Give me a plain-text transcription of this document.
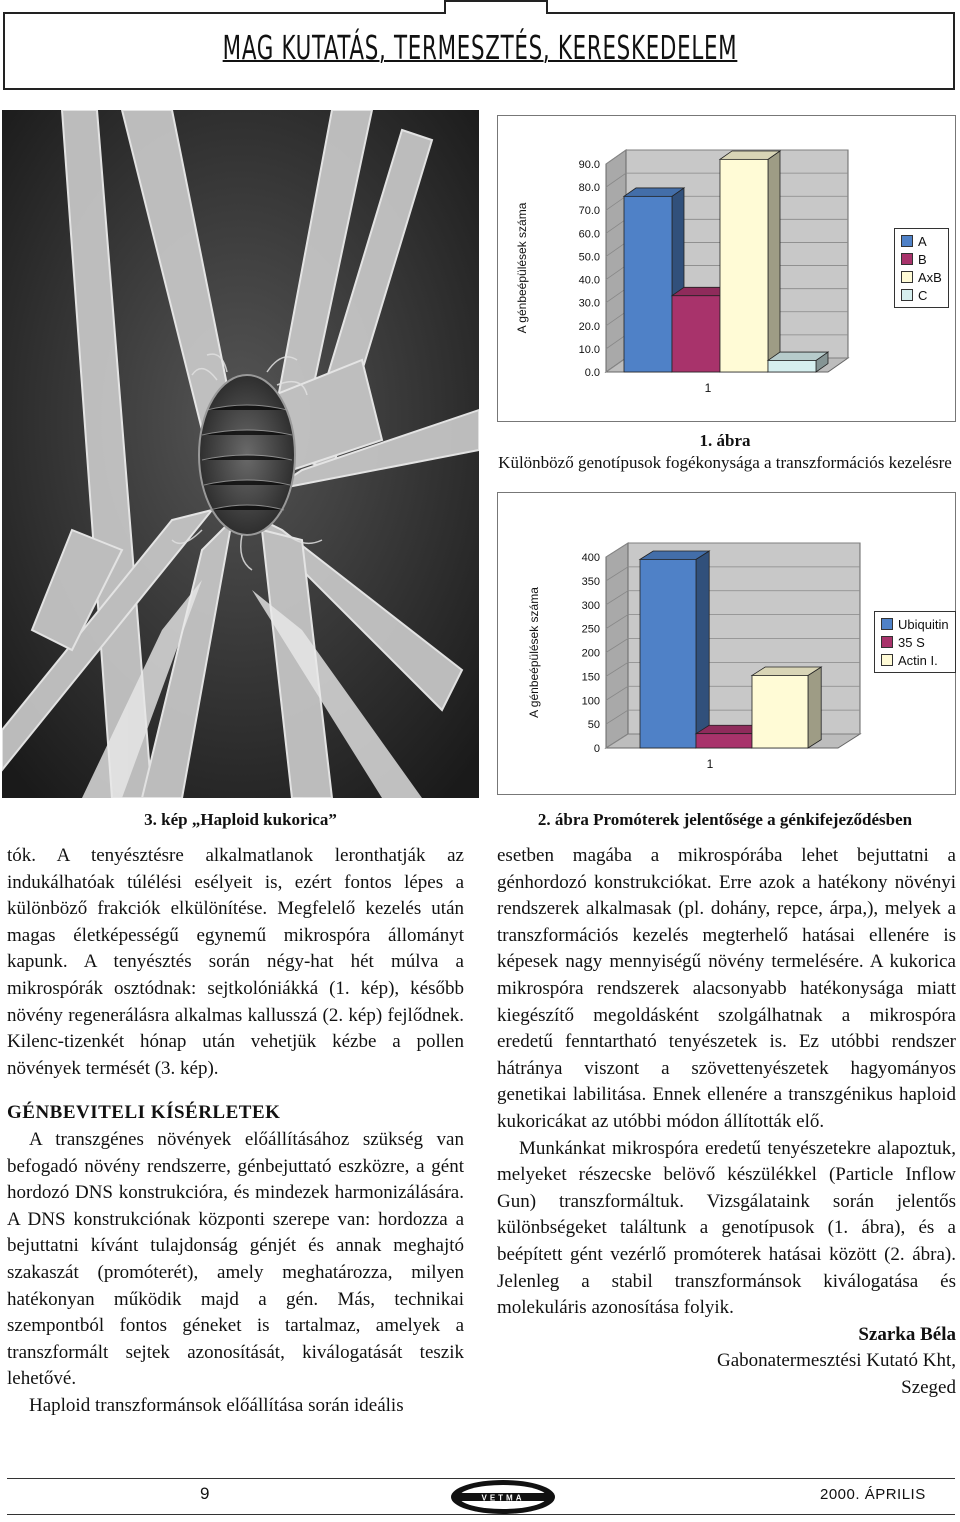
MAG KUTATÁS, TERMESZTÉS, KERESKEDELEM
3. kép „Haploid kukorica”
90.0
80.0
70.0
60.0
50.0
40.0
30.0
20.0
10.0
0.0
A génbeépülések száma
1
A
B
AxB
C
1. ábra
Különböző genotípusok fogékonysága a transzformációs kezelésre
400
350
300
250
200
150
100
50
0
A génbeépülések száma
1
Ubiquitin
35 S
Actin I.
2. ábra Promóterek jelentősége a génkifejeződésben

tók. A tenyésztésre alkalmatlanok leronthatják az indukálhatóak túlélési esélyeit is, ezért fontos lépes a különböző frakciók elkülönítése. Megfelelő kezelés után magas életképességű egynemű mikrospóra állományt kapunk. A tenyésztés során négy-hat hét múlva a mikrospórák osztódnak: sejtkolóniákká (1. kép), később növény regenerálásra alkalmas kallusszá (2. kép) fejlődnek. Kilenc-tizenkét hónap után vehetjük kézbe a pollen növények termését (3. kép).

GÉNBEVITELI KÍSÉRLETEK

A transzgénes növények előállításához szükség van befogadó növény rendszerre, génbejuttató eszközre, a gént hordozó DNS konstrukcióra, és mindezek harmonizálására. A DNS konstrukciónak központi szerepe van: hordozza a bejuttatni kívánt tulajdonság génjét és annak meghajtó szakaszát (promóterét), amely meghatározza, milyen hatékonyan működik majd a gén. Más, technikai szempontból fontos géneket is tartalmaz, amelyek a transzformált sejtek azonosítását, kiválogatását teszik lehetővé.

Haploid transzformánsok előállítása során ideális

esetben magába a mikrospórába lehet bejuttatni a génhordozó konstrukciókat. Erre azok a hatékony növényi rendszerek alkalmasak (pl. dohány, repce, árpa,), melyek a transzformációs kezelés megterhelő hatásai ellenére is képesek nagy mennyiségű növény termelésére. A kukorica mikrospóra rendszerek alacsonyabb hatékonysága miatt kiegészítő megoldásként szolgálhatnak a mikrospóra eredetű fenntartható tenyészetek is. Ez utóbbi rendszer hátránya viszont a szövettenyészetek hagyományos genetikai labilitása. Ennek ellenére a transzgénikus haploid kukoricákat az utóbbi módon állították elő.

Munkánkat mikrospóra eredetű tenyészetekre alapoztuk, melyeket részecske belövő készülékkel (Particle Inflow Gun) transzformáltuk. Vizsgálataink során jelentős különbségeket találtunk a genotípusok (1. ábra), és a beépített gént vezérlő promóterek hatásai között (2. ábra). Jelenleg a stabil transzformánsok kiválogatása és molekuláris azonosítása folyik.

Szarka Béla

Gabonatermesztési Kutató Kht,

Szeged

9	VETMA	2000. ÁPRILIS
